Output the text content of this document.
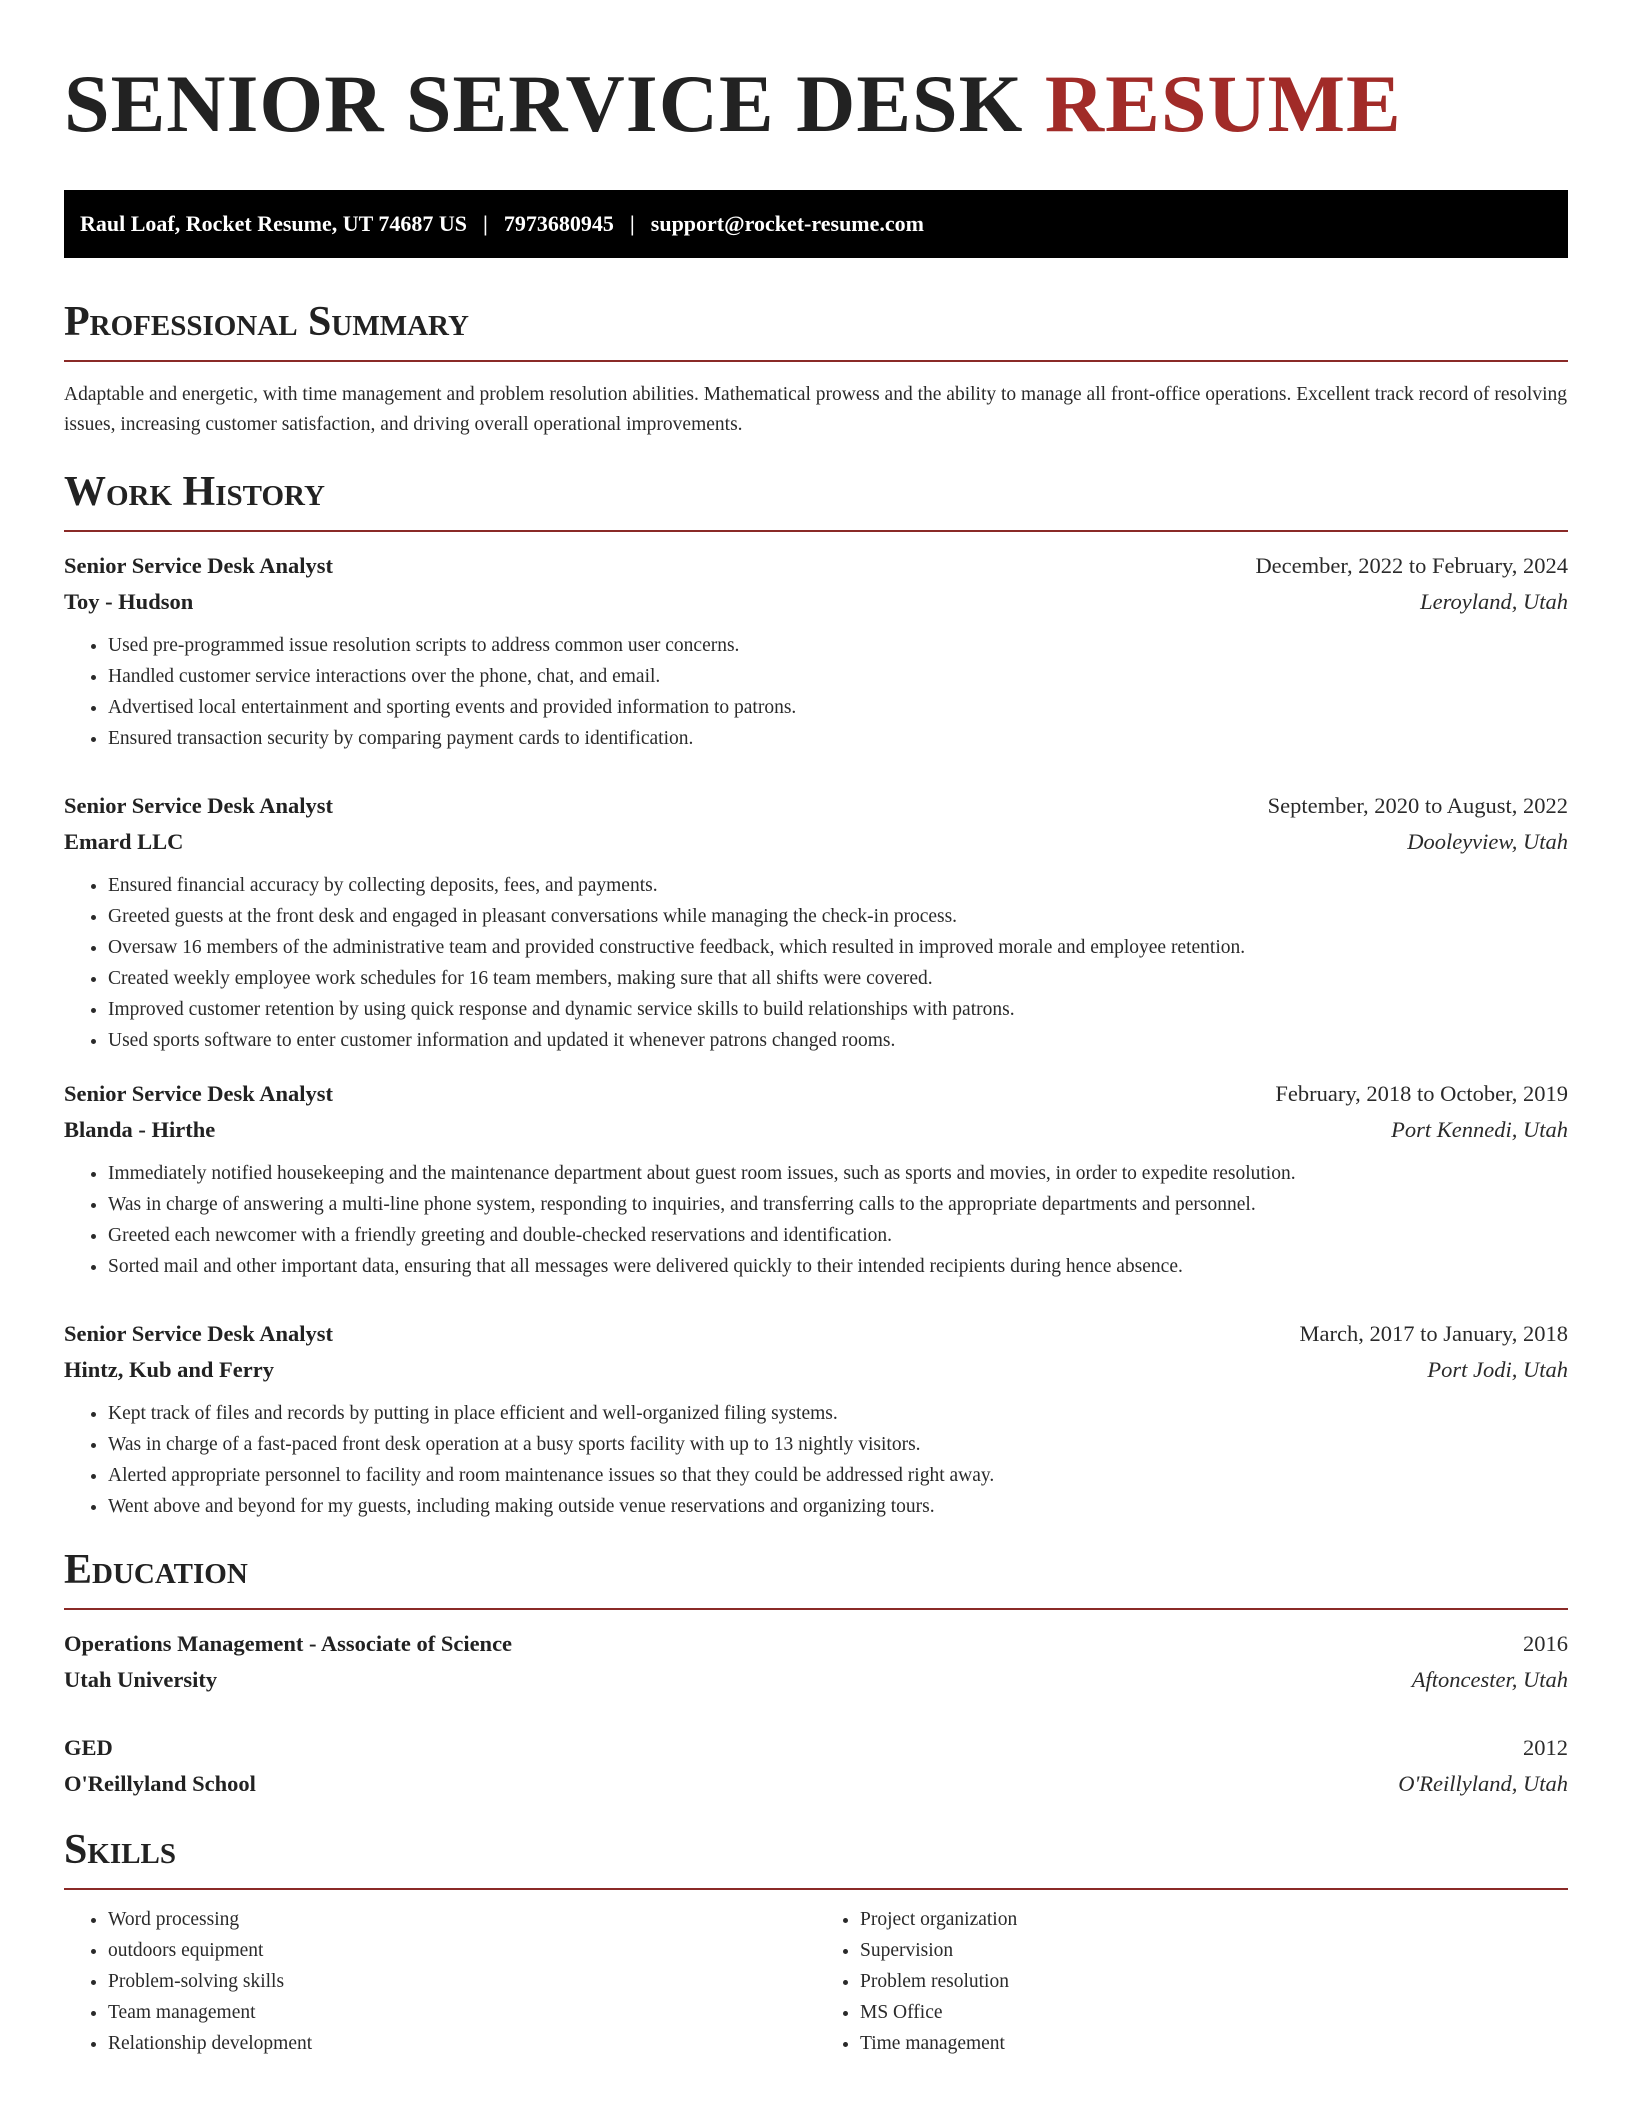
SENIOR SERVICE DESK RESUME
Raul Loaf, Rocket Resume, UT 74687 US | 7973680945 | support@rocket-resume.com
Professional Summary
Adaptable and energetic, with time management and problem resolution abilities. Mathematical prowess and the ability to manage all front-office operations. Excellent track record of resolving issues, increasing customer satisfaction, and driving overall operational improvements.
Work History
Senior Service Desk Analyst	December, 2022 to February, 2024
Toy - Hudson	Leroyland, Utah
• Used pre-programmed issue resolution scripts to address common user concerns.
• Handled customer service interactions over the phone, chat, and email.
• Advertised local entertainment and sporting events and provided information to patrons.
• Ensured transaction security by comparing payment cards to identification.
Senior Service Desk Analyst	September, 2020 to August, 2022
Emard LLC	Dooleyview, Utah
• Ensured financial accuracy by collecting deposits, fees, and payments.
• Greeted guests at the front desk and engaged in pleasant conversations while managing the check-in process.
• Oversaw 16 members of the administrative team and provided constructive feedback, which resulted in improved morale and employee retention.
• Created weekly employee work schedules for 16 team members, making sure that all shifts were covered.
• Improved customer retention by using quick response and dynamic service skills to build relationships with patrons.
• Used sports software to enter customer information and updated it whenever patrons changed rooms.
Senior Service Desk Analyst	February, 2018 to October, 2019
Blanda - Hirthe	Port Kennedi, Utah
• Immediately notified housekeeping and the maintenance department about guest room issues, such as sports and movies, in order to expedite resolution.
• Was in charge of answering a multi-line phone system, responding to inquiries, and transferring calls to the appropriate departments and personnel.
• Greeted each newcomer with a friendly greeting and double-checked reservations and identification.
• Sorted mail and other important data, ensuring that all messages were delivered quickly to their intended recipients during hence absence.
Senior Service Desk Analyst	March, 2017 to January, 2018
Hintz, Kub and Ferry	Port Jodi, Utah
• Kept track of files and records by putting in place efficient and well-organized filing systems.
• Was in charge of a fast-paced front desk operation at a busy sports facility with up to 13 nightly visitors.
• Alerted appropriate personnel to facility and room maintenance issues so that they could be addressed right away.
• Went above and beyond for my guests, including making outside venue reservations and organizing tours.
Education
Operations Management - Associate of Science	2016
Utah University	Aftoncester, Utah
GED	2012
O'Reillyland School	O'Reillyland, Utah
Skills
• Word processing
• outdoors equipment
• Problem-solving skills
• Team management
• Relationship development
• Project organization
• Supervision
• Problem resolution
• MS Office
• Time management
